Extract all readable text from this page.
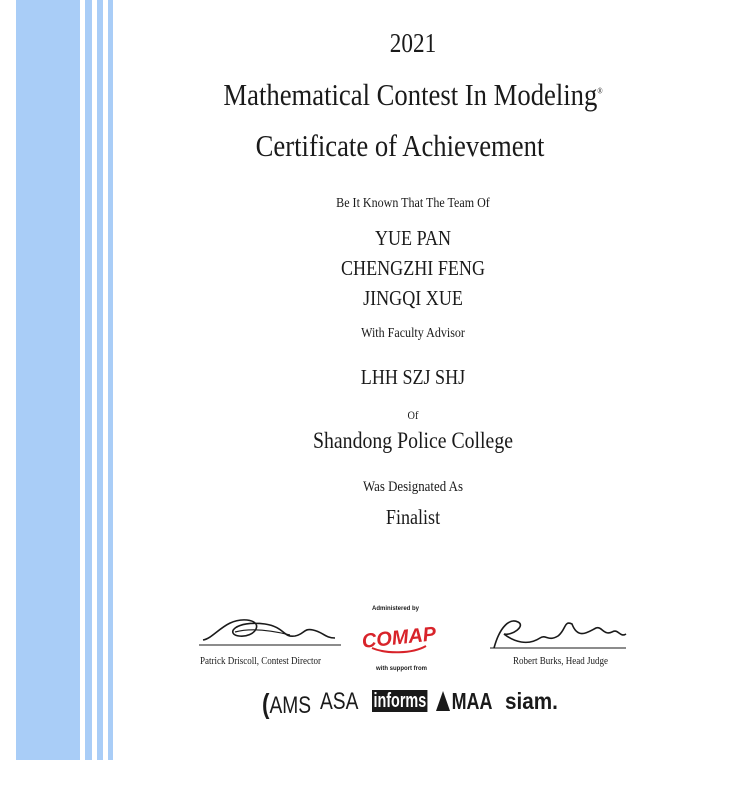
2021
Mathematical Contest In Modeling®
Certificate of Achievement
Be It Known That The Team Of
YUE PAN
CHENGZHI FENG
JINGQI XUE
With Faculty Advisor
LHH SZJ SHJ
Of
Shandong Police College
Was Designated As
Finalist
Patrick Driscoll, Contest Director
Administered by
COMAP
with support from
Robert Burks, Head Judge
(AMS ASA informs	MAA siam.
